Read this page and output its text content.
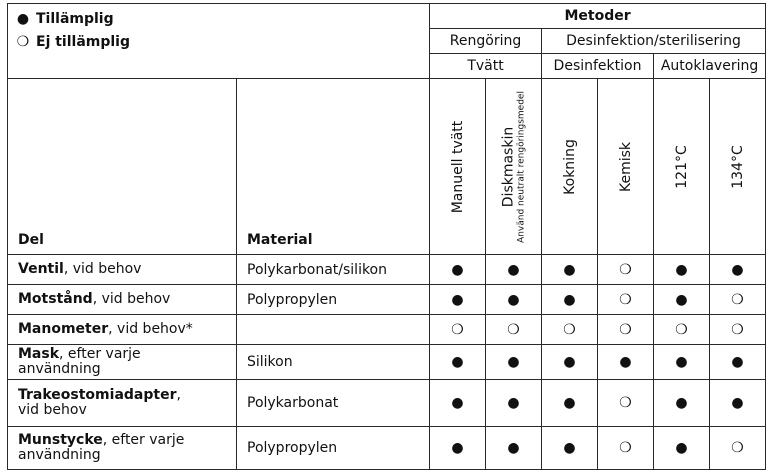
● Tillämplig
❍ Ej tillämplig		Metoder					
		Rengöring		Desinfektion/sterilisering			
		Tvätt		Desinfektion		Autoklavering	
Del	Material	Manuell tvätt	Diskmaskin Använd neutralt rengöringsmedel	Kokning	Kemisk	121°C	134°C

Ventil, vid behov	Polykarbonat/silikon	●	●	●	❍	●	●
Motstånd, vid behov	Polypropylen	●	●	●	❍	●	❍
Manometer, vid behov*		❍	❍	❍	❍	❍	❍
Mask, efter varje användning	Silikon	●	●	●	●	●	●
Trakeostomiadapter,
vid behov	Polykarbonat	●	●	●	❍	●	●
Munstycke, efter varje
användning	Polypropylen	●	●	●	❍	●	❍
